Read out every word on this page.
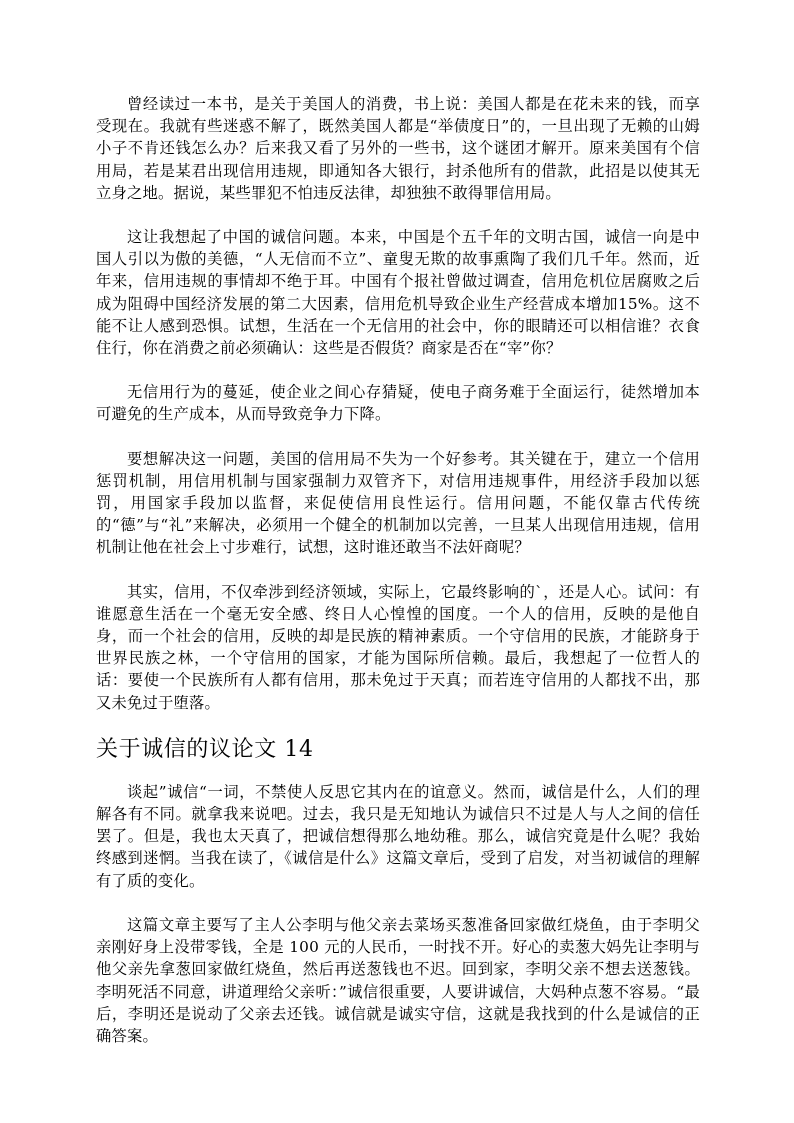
曾经读过一本书，是关于美国人的消费，书上说：美国人都是在花未来的钱，而享受现在。我就有些迷惑不解了，既然美国人都是“举债度日”的，一旦出现了无赖的山姆小子不肯还钱怎么办？后来我又看了另外的一些书，这个谜团才解开。原来美国有个信用局，若是某君出现信用违规，即通知各大银行，封杀他所有的借款，此招是以使其无立身之地。据说，某些罪犯不怕违反法律，却独独不敢得罪信用局。

这让我想起了中国的诚信问题。本来，中国是个五千年的文明古国，诚信一向是中国人引以为傲的美德，“人无信而不立”、童叟无欺的故事熏陶了我们几千年。然而，近年来，信用违规的事情却不绝于耳。中国有个报社曾做过调查，信用危机位居腐败之后成为阻碍中国经济发展的第二大因素，信用危机导致企业生产经营成本增加15%。这不能不让人感到恐惧。试想，生活在一个无信用的社会中，你的眼睛还可以相信谁？衣食住行，你在消费之前必须确认：这些是否假货？商家是否在“宰”你？

无信用行为的蔓延，使企业之间心存猜疑，使电子商务难于全面运行，徒然增加本可避免的生产成本，从而导致竞争力下降。

要想解决这一问题，美国的信用局不失为一个好参考。其关键在于，建立一个信用惩罚机制，用信用机制与国家强制力双管齐下，对信用违规事件，用经济手段加以惩罚，用国家手段加以监督，来促使信用良性运行。信用问题，不能仅靠古代传统的“德”与“礼”来解决，必须用一个健全的机制加以完善，一旦某人出现信用违规，信用机制让他在社会上寸步难行，试想，这时谁还敢当不法奸商呢？

其实，信用，不仅牵涉到经济领域，实际上，它最终影响的`，还是人心。试问：有谁愿意生活在一个毫无安全感、终日人心惶惶的国度。一个人的信用，反映的是他自身，而一个社会的信用，反映的却是民族的精神素质。一个守信用的民族，才能跻身于世界民族之林，一个守信用的国家，才能为国际所信赖。最后，我想起了一位哲人的话：要使一个民族所有人都有信用，那未免过于天真；而若连守信用的人都找不出，那又未免过于堕落。

关于诚信的议论文 14

谈起”诚信“一词，不禁使人反思它其内在的谊意义。然而，诚信是什么，人们的理解各有不同。就拿我来说吧。过去，我只是无知地认为诚信只不过是人与人之间的信任罢了。但是，我也太天真了，把诚信想得那么地幼稚。那么，诚信究竟是什么呢？我始终感到迷惘。当我在读了，《诚信是什么》这篇文章后，受到了启发，对当初诚信的理解有了质的变化。

这篇文章主要写了主人公李明与他父亲去菜场买葱准备回家做红烧鱼，由于李明父亲刚好身上没带零钱，全是 100 元的人民币，一时找不开。好心的卖葱大妈先让李明与他父亲先拿葱回家做红烧鱼，然后再送葱钱也不迟。回到家，李明父亲不想去送葱钱。李明死活不同意，讲道理给父亲听：”诚信很重要，人要讲诚信，大妈种点葱不容易。“最后，李明还是说动了父亲去还钱。诚信就是诚实守信，这就是我找到的什么是诚信的正确答案。
